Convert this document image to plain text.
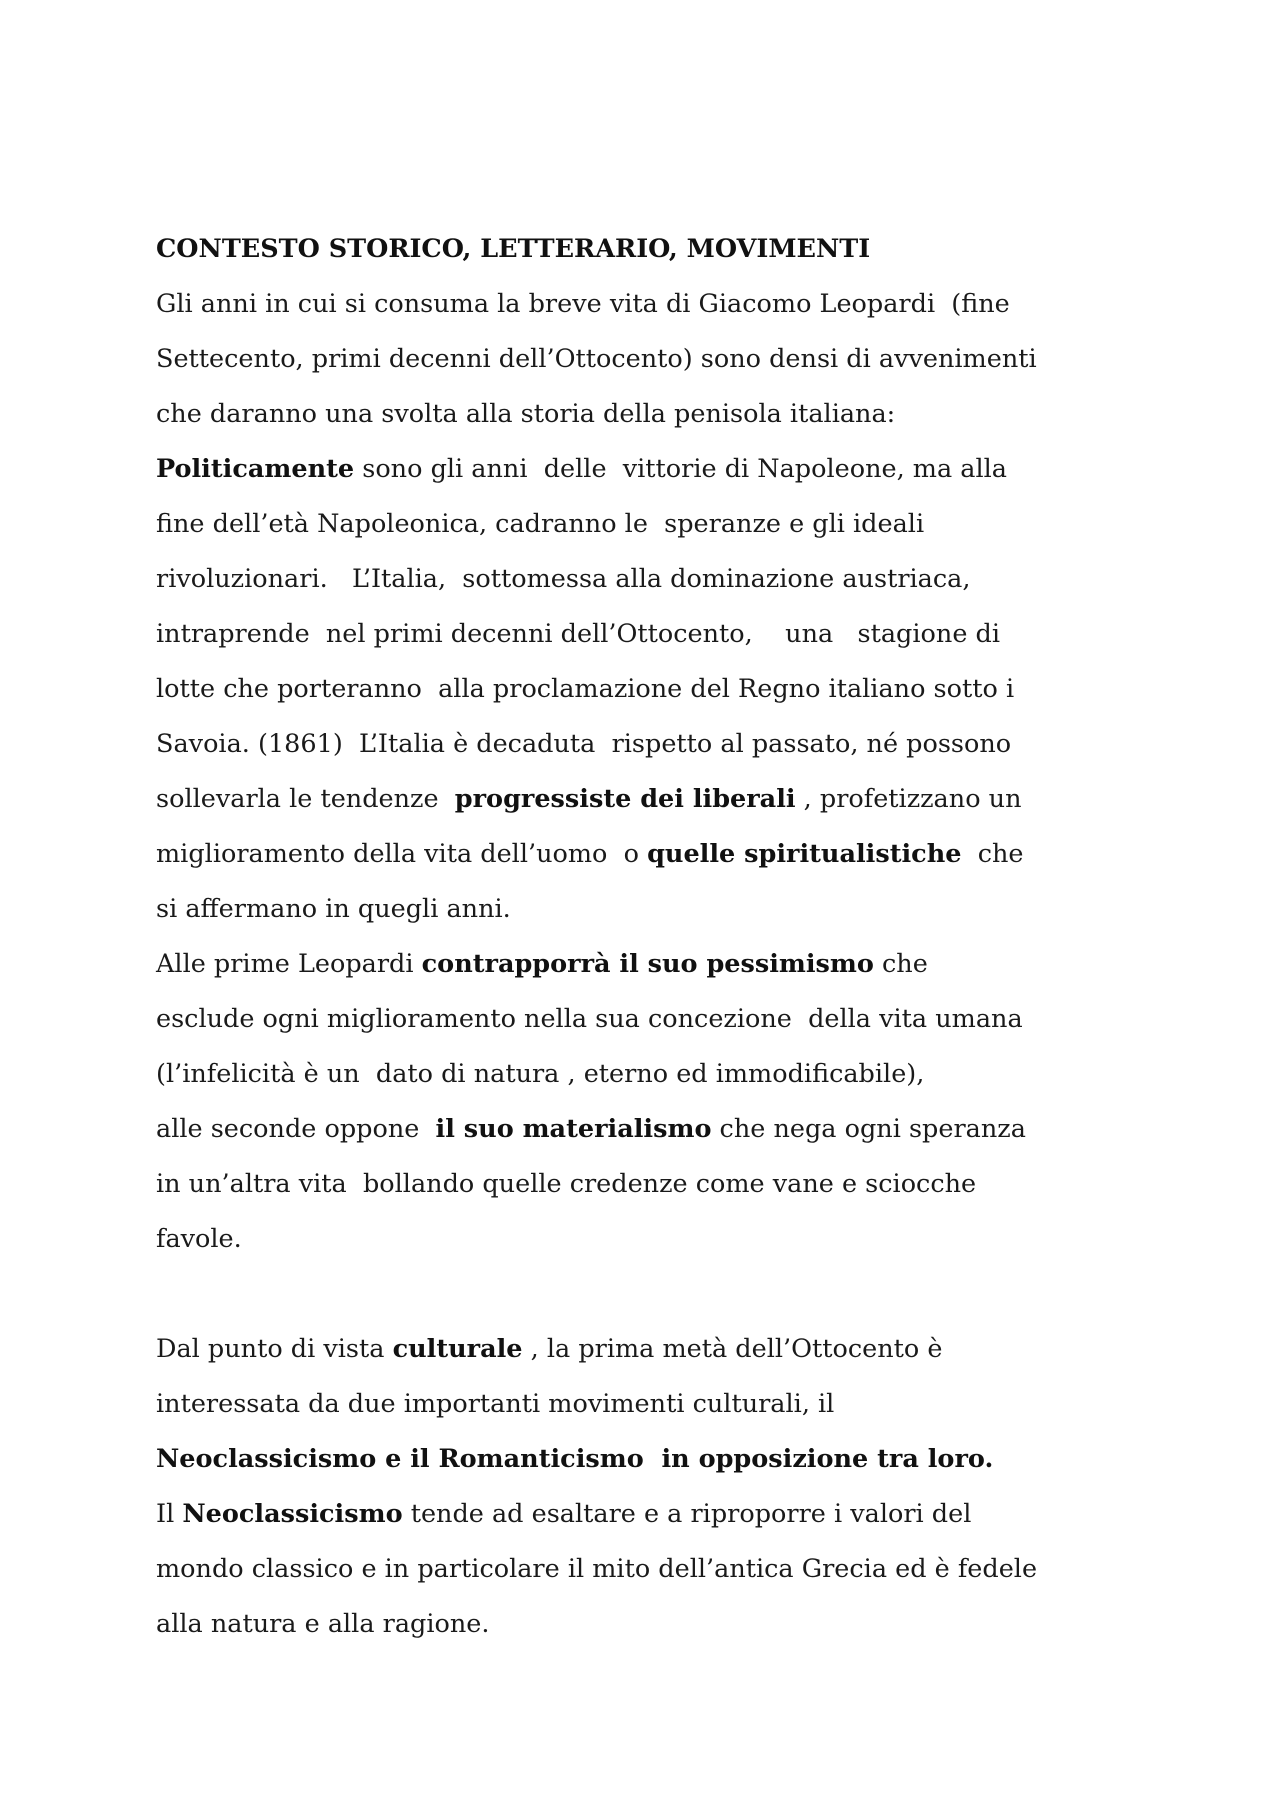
CONTESTO STORICO, LETTERARIO, MOVIMENTI
Gli anni in cui si consuma la breve vita di Giacomo Leopardi  (fine
Settecento, primi decenni dell’Ottocento) sono densi di avvenimenti
che daranno una svolta alla storia della penisola italiana:
Politicamente sono gli anni  delle  vittorie di Napoleone, ma alla
fine dell’età Napoleonica, cadranno le  speranze e gli ideali
rivoluzionari.   L’Italia,  sottomessa alla dominazione austriaca,
intraprende  nel primi decenni dell’Ottocento,    una   stagione di
lotte che porteranno  alla proclamazione del Regno italiano sotto i
Savoia. (1861)  L’Italia è decaduta  rispetto al passato, né possono
sollevarla le tendenze  progressiste dei liberali , profetizzano un
miglioramento della vita dell’uomo  o quelle spiritualistiche  che
si affermano in quegli anni.
Alle prime Leopardi contrapporrà il suo pessimismo che
esclude ogni miglioramento nella sua concezione  della vita umana
(l’infelicità è un  dato di natura , eterno ed immodificabile),
alle seconde oppone  il suo materialismo che nega ogni speranza
in un’altra vita  bollando quelle credenze come vane e sciocche
favole.
Dal punto di vista culturale , la prima metà dell’Ottocento è
interessata da due importanti movimenti culturali, il
Neoclassicismo e il Romanticismo  in opposizione tra loro.
Il Neoclassicismo tende ad esaltare e a riproporre i valori del
mondo classico e in particolare il mito dell’antica Grecia ed è fedele
alla natura e alla ragione.
